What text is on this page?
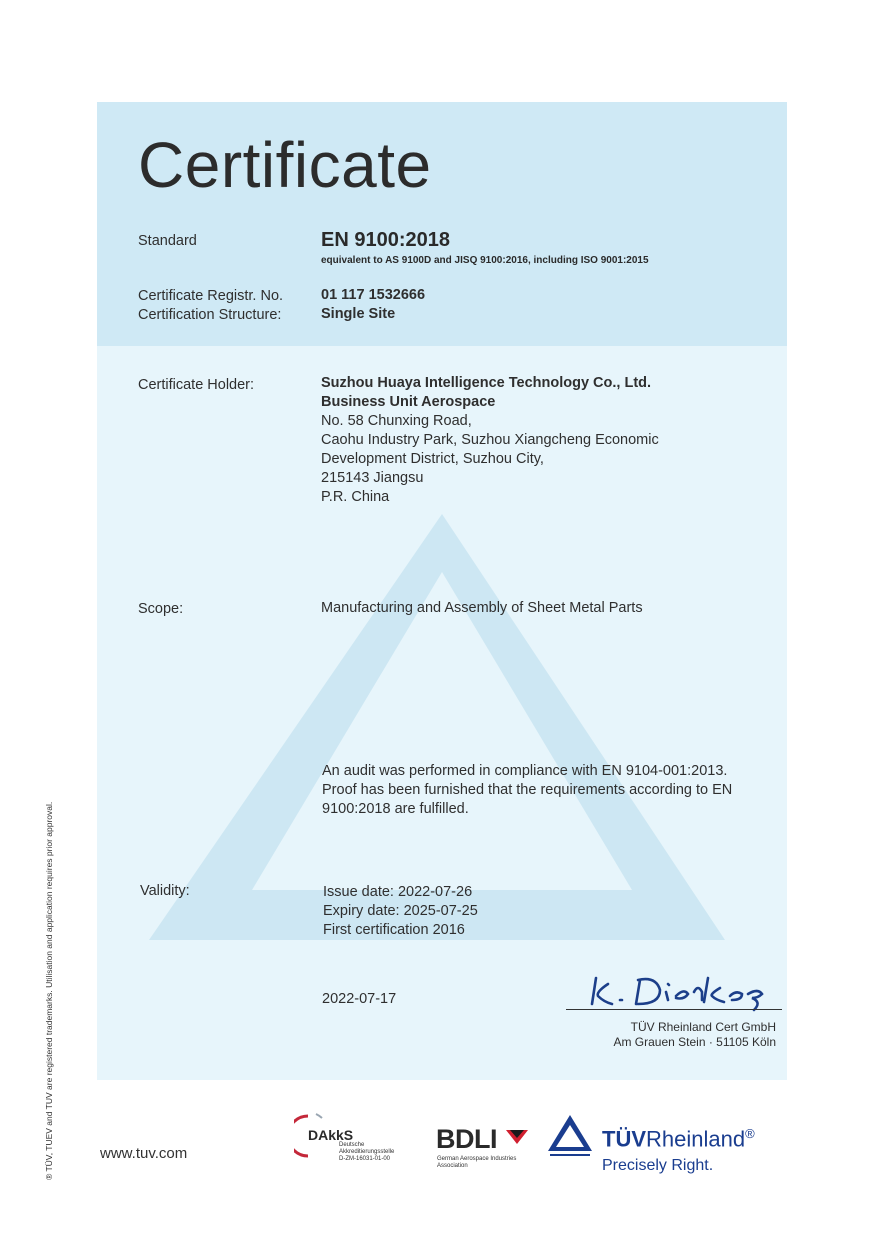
Certificate
Standard	EN 9100:2018
equivalent to AS 9100D and JISQ 9100:2016, including ISO 9001:2015
Certificate Registr. No.	01 117 1532666
Certification Structure:	Single Site
Certificate Holder:	Suzhou Huaya Intelligence Technology Co., Ltd.
Business Unit Aerospace
No. 58 Chunxing Road,
Caohu Industry Park, Suzhou Xiangcheng Economic
Development District, Suzhou City,
215143 Jiangsu
P.R. China
Scope:	Manufacturing and Assembly of Sheet Metal Parts
An audit was performed in compliance with EN 9104-001:2013.
Proof has been furnished that the requirements according to EN
9100:2018 are fulfilled.
Validity:	Issue date: 2022-07-26
Expiry date: 2025-07-25
First certification 2016
2022-07-17
TÜV Rheinland Cert GmbH
Am Grauen Stein · 51105 Köln
www.tuv.com
DAkkS
Deutsche
Akkreditierungsstelle
D-ZM-16031-01-00
BDLI
German Aerospace Industries
Association
TÜVRheinland®
Precisely Right.
® TÜV, TUEV and TUV are registered trademarks. Utilisation and application requires prior approval.
